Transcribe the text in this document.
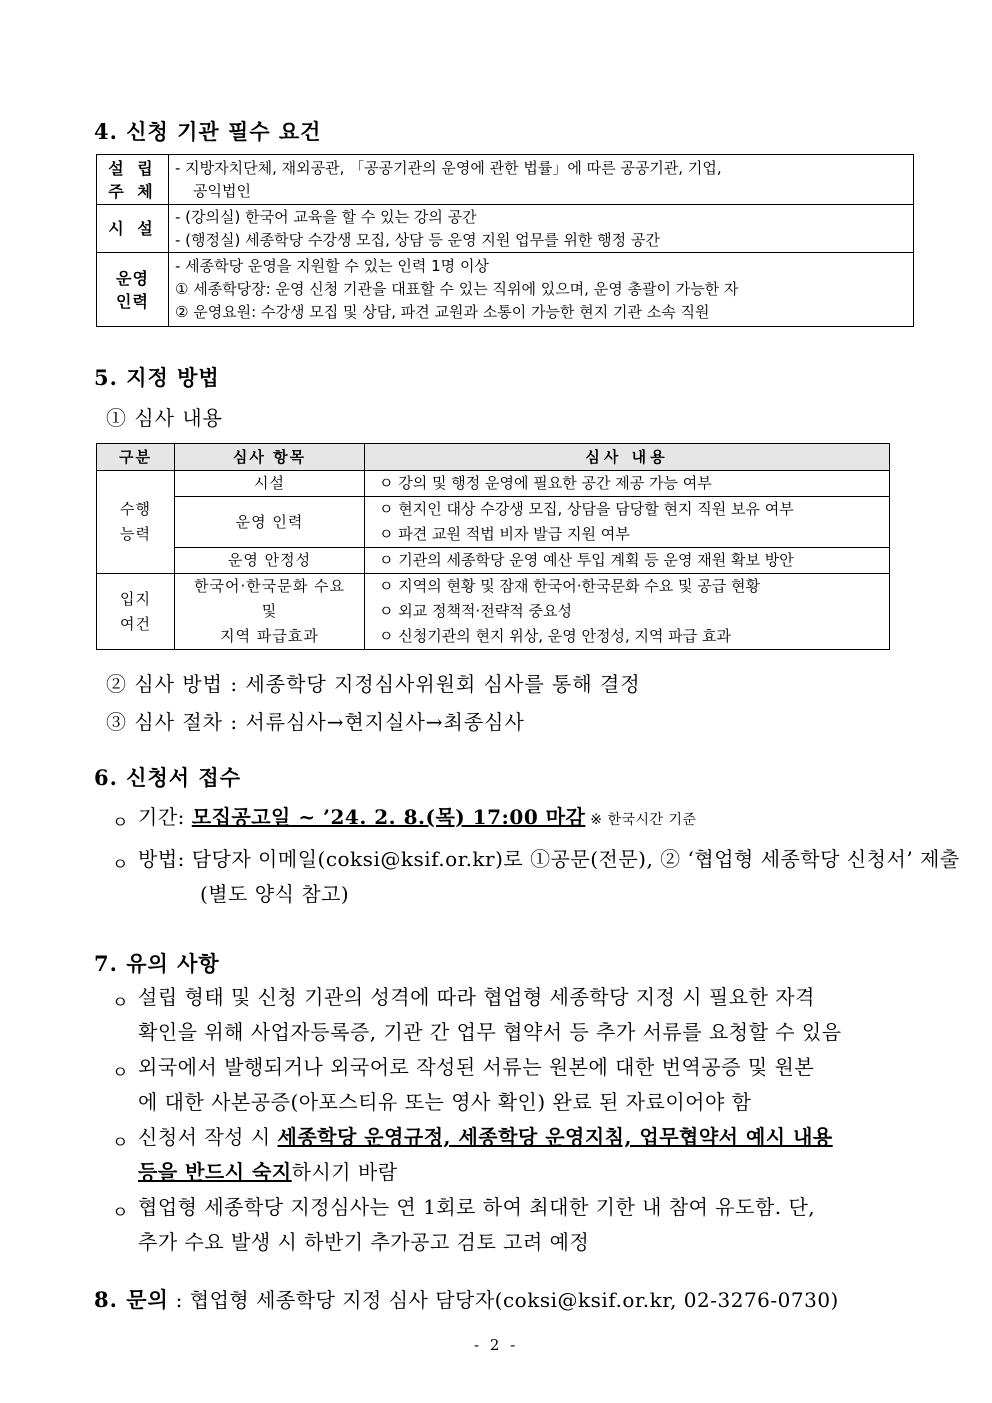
4. 신청 기관 필수 요건
설 립
주 체	- 지방자치단체, 재외공관, 「공공기관의 운영에 관한 법률」에 따른 공공기관, 기업,
공익법인

시 설	- (강의실) 한국어 교육을 할 수 있는 강의 공간
- (행정실) 세종학당 수강생 모집, 상담 등 운영 지원 업무를 위한 행정 공간

운영
인력	- 세종학당 운영을 지원할 수 있는 인력 1명 이상
① 세종학당장: 운영 신청 기관을 대표할 수 있는 직위에 있으며, 운영 총괄이 가능한 자
② 운영요원: 수강생 모집 및 상담, 파견 교원과 소통이 가능한 현지 기관 소속 직원
5. 지정 방법
① 심사 내용
구분	심사 항목	심사 내용

수행
능력	시설	ㅇ 강의 및 행정 운영에 필요한 공간 제공 가능 여부
	운영 인력	ㅇ 현지인 대상 수강생 모집, 상담을 담당할 현지 직원 보유 여부
ㅇ 파견 교원 적법 비자 발급 지원 여부

	운영 안정성	ㅇ 기관의 세종학당 운영 예산 투입 계획 등 운영 재원 확보 방안

입지
여건	한국어·한국문화 수요
및
지역 파급효과	ㅇ 지역의 현황 및 잠재 한국어·한국문화 수요 및 공급 현황
ㅇ 외교 정책적·전략적 중요성
ㅇ 신청기관의 현지 위상, 운영 안정성, 지역 파급 효과
② 심사 방법 : 세종학당 지정심사위원회 심사를 통해 결정
③ 심사 절차 : 서류심사→현지실사→최종심사
6. 신청서 접수
ㅇ 기간: 모집공고일 ~ ’24. 2. 8.(목) 17:00 마감 ※ 한국시간 기준
ㅇ 방법: 담당자 이메일(coksi@ksif.or.kr)로 ①공문(전문), ② ‘협업형 세종학당 신청서’ 제출
(별도 양식 참고)
7. 유의 사항
ㅇ 설립 형태 및 신청 기관의 성격에 따라 협업형 세종학당 지정 시 필요한 자격
확인을 위해 사업자등록증, 기관 간 업무 협약서 등 추가 서류를 요청할 수 있음
ㅇ 외국에서 발행되거나 외국어로 작성된 서류는 원본에 대한 번역공증 및 원본
에 대한 사본공증(아포스티유 또는 영사 확인) 완료 된 자료이어야 함
ㅇ 신청서 작성 시 세종학당 운영규정, 세종학당 운영지침, 업무협약서 예시 내용
등을 반드시 숙지하시기 바람
ㅇ 협업형 세종학당 지정심사는 연 1회로 하여 최대한 기한 내 참여 유도함. 단,
추가 수요 발생 시 하반기 추가공고 검토 고려 예정
8. 문의 : 협업형 세종학당 지정 심사 담당자(coksi@ksif.or.kr, 02-3276-0730)
- 2 -
